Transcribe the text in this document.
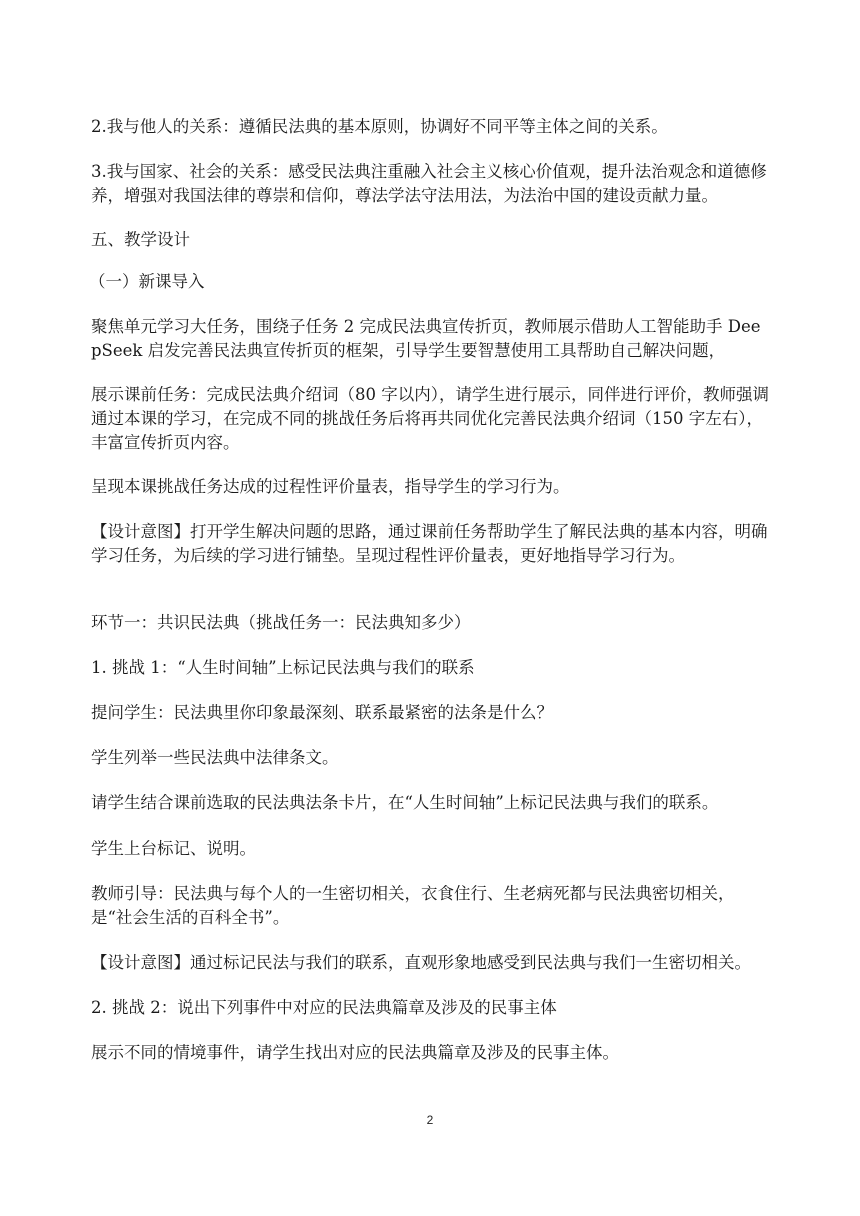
2.我与他人的关系：遵循民法典的基本原则，协调好不同平等主体之间的关系。

3.我与国家、社会的关系：感受民法典注重融入社会主义核心价值观，提升法治观念和道德修养，增强对我国法律的尊崇和信仰，尊法学法守法用法，为法治中国的建设贡献力量。

五、教学设计

（一）新课导入

聚焦单元学习大任务，围绕子任务 2 完成民法典宣传折页，教师展示借助人工智能助手 DeepSeek 启发完善民法典宣传折页的框架，引导学生要智慧使用工具帮助自己解决问题，

展示课前任务：完成民法典介绍词（80 字以内），请学生进行展示，同伴进行评价，教师强调通过本课的学习，在完成不同的挑战任务后将再共同优化完善民法典介绍词（150 字左右），丰富宣传折页内容。

呈现本课挑战任务达成的过程性评价量表，指导学生的学习行为。

【设计意图】打开学生解决问题的思路，通过课前任务帮助学生了解民法典的基本内容，明确学习任务，为后续的学习进行铺垫。呈现过程性评价量表，更好地指导学习行为。

环节一：共识民法典（挑战任务一：民法典知多少）

1. 挑战 1：“人生时间轴”上标记民法典与我们的联系

提问学生：民法典里你印象最深刻、联系最紧密的法条是什么？

学生列举一些民法典中法律条文。

请学生结合课前选取的民法典法条卡片，在“人生时间轴”上标记民法典与我们的联系。

学生上台标记、说明。

教师引导：民法典与每个人的一生密切相关，衣食住行、生老病死都与民法典密切相关，是“社会生活的百科全书”。

【设计意图】通过标记民法与我们的联系，直观形象地感受到民法典与我们一生密切相关。

2. 挑战 2：说出下列事件中对应的民法典篇章及涉及的民事主体

展示不同的情境事件，请学生找出对应的民法典篇章及涉及的民事主体。

2
